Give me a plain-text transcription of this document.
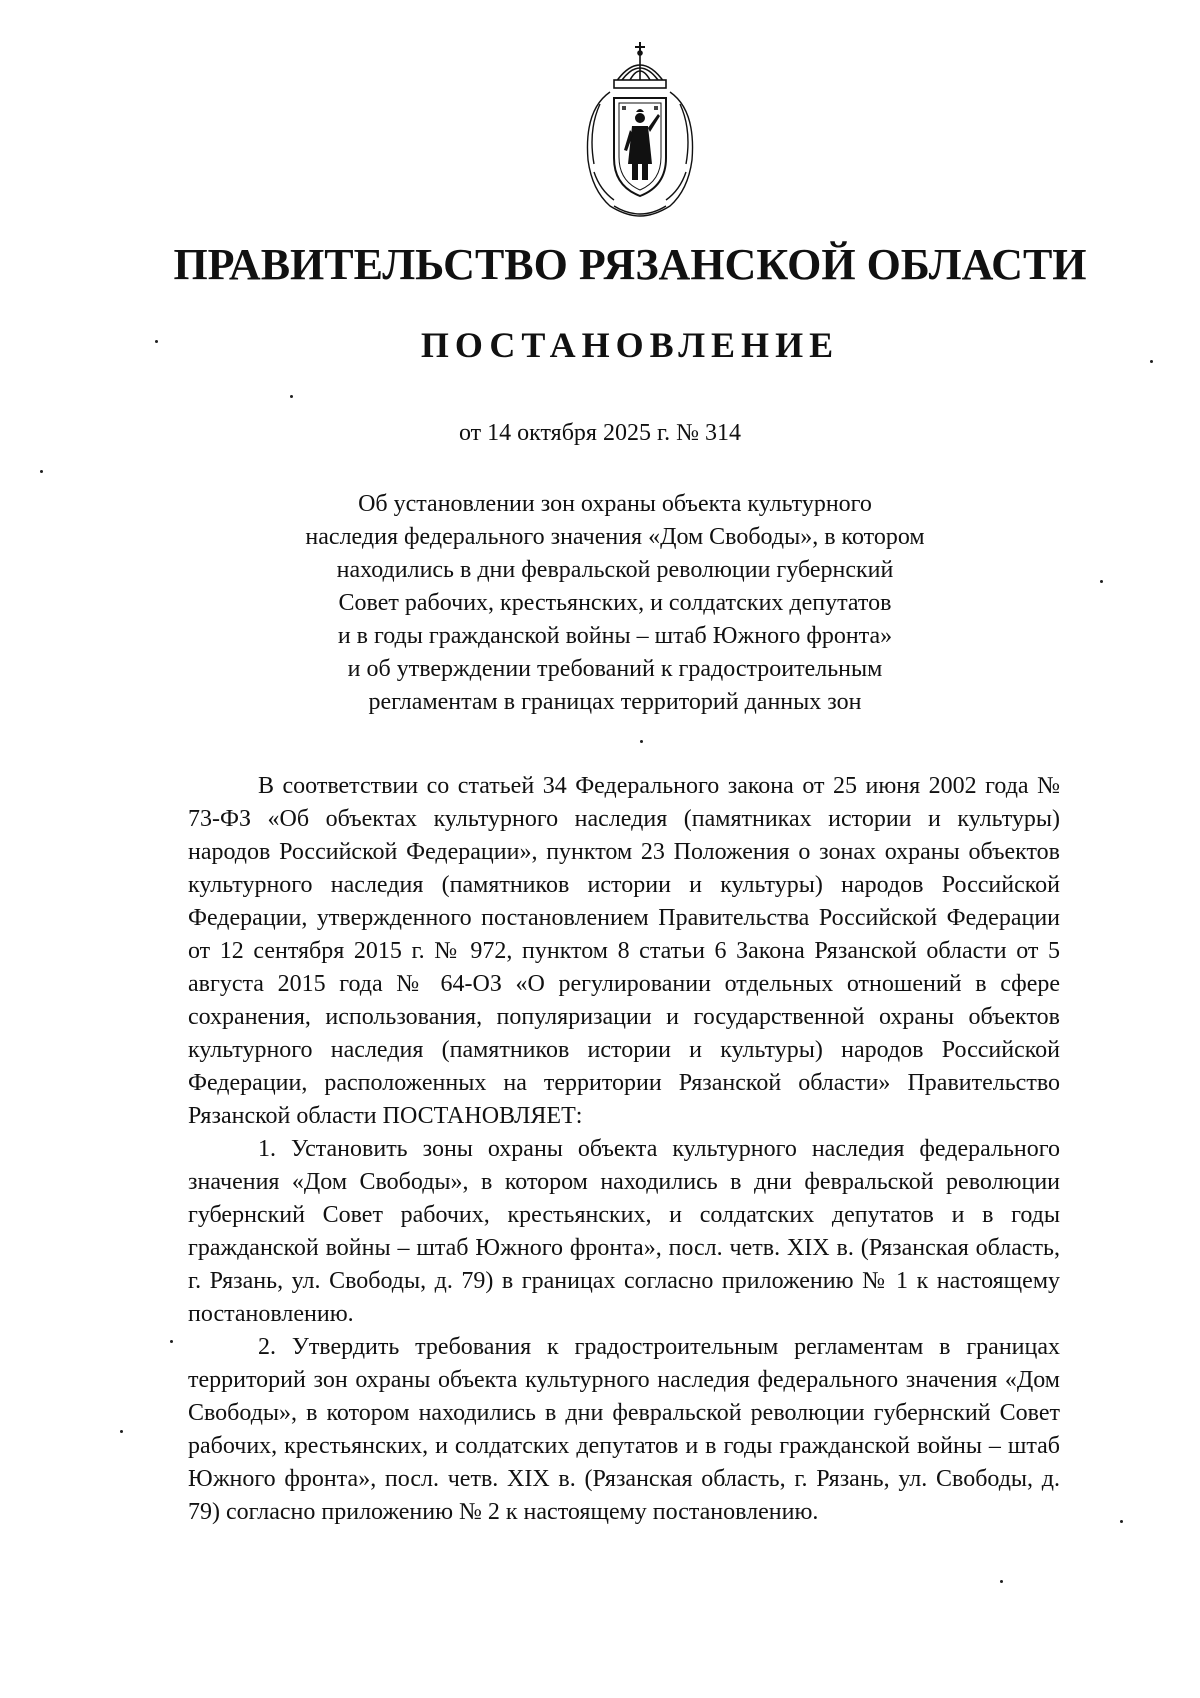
ПРАВИТЕЛЬСТВО РЯЗАНСКОЙ ОБЛАСТИ
ПОСТАНОВЛЕНИЕ
от 14 октября 2025 г. № 314
Об установлении зон охраны объекта культурного
наследия федерального значения «Дом Свободы», в котором
находились в дни февральской революции губернский
Совет рабочих, крестьянских, и солдатских депутатов
и в годы гражданской войны – штаб Южного фронта»
и об утверждении требований к градостроительным
регламентам в границах территорий данных зон

В соответствии со статьей 34 Федерального закона от 25 июня 2002 года № 73-ФЗ «Об объектах культурного наследия (памятниках истории и культуры) народов Российской Федерации», пунктом 23 Положения о зонах охраны объектов культурного наследия (памятников истории и культуры) народов Российской Федерации, утвержденного постановлением Правительства Российской Федерации от 12 сентября 2015 г. № 972, пунктом 8 статьи 6 Закона Рязанской области от 5 августа 2015 года № 64-ОЗ «О регулировании отдельных отношений в сфере сохранения, использования, популяризации и государственной охраны объектов культурного наследия (памятников истории и культуры) народов Российской Федерации, расположенных на территории Рязанской области» Правительство Рязанской области ПОСТАНОВЛЯЕТ:

1. Установить зоны охраны объекта культурного наследия федерального значения «Дом Свободы», в котором находились в дни февральской революции губернский Совет рабочих, крестьянских, и солдатских депутатов и в годы гражданской войны – штаб Южного фронта», посл. четв. XIX в. (Рязанская область, г. Рязань, ул. Свободы, д. 79) в границах согласно приложению № 1 к настоящему постановлению.

2. Утвердить требования к градостроительным регламентам в границах территорий зон охраны объекта культурного наследия федерального значения «Дом Свободы», в котором находились в дни февральской революции губернский Совет рабочих, крестьянских, и солдатских депутатов и в годы гражданской войны – штаб Южного фронта», посл. четв. XIX в. (Рязанская область, г. Рязань, ул. Свободы, д. 79) согласно приложению № 2 к настоящему постановлению.
